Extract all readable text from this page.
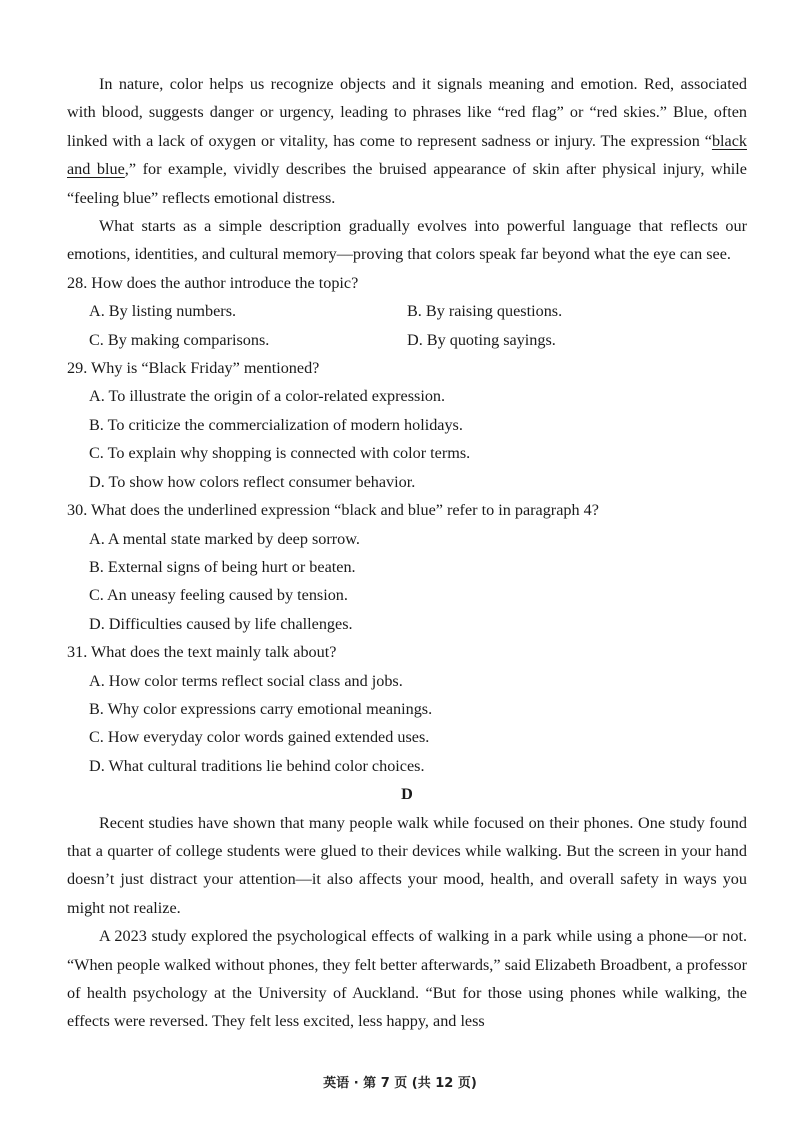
In nature, color helps us recognize objects and it signals meaning and emotion. Red, associated with blood, suggests danger or urgency, leading to phrases like “red flag” or “red skies.” Blue, often linked with a lack of oxygen or vitality, has come to represent sadness or injury. The expression “black and blue,” for example, vividly describes the bruised appearance of skin after physical injury, while “feeling blue” reflects emotional distress.

What starts as a simple description gradually evolves into powerful language that reflects our emotions, identities, and cultural memory—proving that colors speak far beyond what the eye can see.

28. How does the author introduce the topic?

A. By listing numbers.	B. By raising questions.
C. By making comparisons.	D. By quoting sayings.

29. Why is “Black Friday” mentioned?

A. To illustrate the origin of a color-related expression.

B. To criticize the commercialization of modern holidays.

C. To explain why shopping is connected with color terms.

D. To show how colors reflect consumer behavior.

30. What does the underlined expression “black and blue” refer to in paragraph 4?

A. A mental state marked by deep sorrow.

B. External signs of being hurt or beaten.

C. An uneasy feeling caused by tension.

D. Difficulties caused by life challenges.

31. What does the text mainly talk about?

A. How color terms reflect social class and jobs.

B. Why color expressions carry emotional meanings.

C. How everyday color words gained extended uses.

D. What cultural traditions lie behind color choices.

D

Recent studies have shown that many people walk while focused on their phones. One study found that a quarter of college students were glued to their devices while walking. But the screen in your hand doesn’t just distract your attention—it also affects your mood, health, and overall safety in ways you might not realize.

A 2023 study explored the psychological effects of walking in a park while using a phone—or not. “When people walked without phones, they felt better afterwards,” said Elizabeth Broadbent, a professor of health psychology at the University of Auckland. “But for those using phones while walking, the effects were reversed. They felt less excited, less happy, and less

英语 · 第 7 页 (共 12 页)
